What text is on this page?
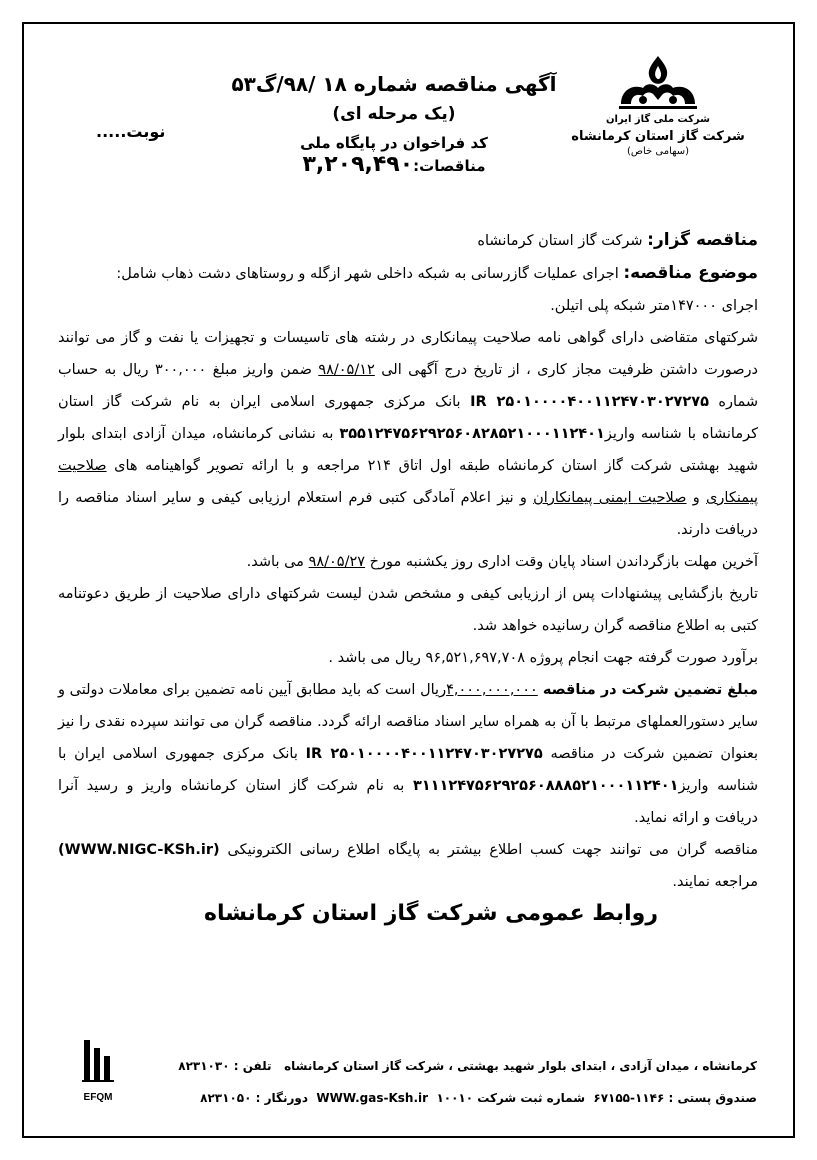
شرکت ملی گاز ایران
شرکت گاز استان کرمانشاه
(سهامی خاص)
آگهی مناقصه شماره ۱۸ /۹۸/گ۵۳
(یک مرحله ای)
کد فراخوان در پایگاه ملی مناقصات:۳,۲۰۹,۴۹۰
نوبت.....

مناقصه گزار: شرکت گاز استان کرمانشاه

موضوع مناقصه: اجرای عملیات گازرسانی به شبکه داخلی شهر ازگله و روستاهای دشت ذهاب شامل:

اجرای ۱۴۷۰۰۰متر شبکه پلی اتیلن.

شرکتهای متقاضی دارای گواهی نامه صلاحیت پیمانکاری در رشته های تاسیسات و تجهیزات یا نفت و گاز می توانند درصورت داشتن ظرفیت مجاز کاری ، از تاریخ درج آگهی الی ۹۸/۰۵/۱۲ ضمن واریز مبلغ ۳۰۰,۰۰۰ ریال به حساب شماره IR ۲۵۰۱۰۰۰۰۴۰۰۱۱۲۴۷۰۳۰۲۷۲۷۵ بانک مرکزی جمهوری اسلامی ایران به نام شرکت گاز استان کرمانشاه با شناسه واریز۳۵۵۱۲۴۷۵۶۲۹۲۵۶۰۸۲۸۵۲۱۰۰۰۱۱۲۴۰۱ به نشانی کرمانشاه، میدان آزادی ابتدای بلوار شهید بهشتی شرکت گاز استان کرمانشاه طبقه اول اتاق ۲۱۴ مراجعه و با ارائه تصویر گواهینامه های صلاحیت پیمنکاری و صلاحیت ایمنی پیمانکاران و نیز اعلام آمادگی کتبی فرم استعلام ارزیابی کیفی و سایر اسناد مناقصه را دریافت دارند.

آخرین مهلت بازگرداندن اسناد پایان وقت اداری روز یکشنبه مورخ ۹۸/۰۵/۲۷ می باشد.

تاریخ بازگشایی پیشنهادات پس از ارزیابی کیفی و مشخص شدن لیست شرکتهای دارای صلاحیت از طریق دعوتنامه کتبی به اطلاع مناقصه گران رسانیده خواهد شد.

برآورد صورت گرفته جهت انجام پروژه ۹۶,۵۲۱,۶۹۷,۷۰۸ ریال می باشد .

مبلغ تضمین شرکت در مناقصه ۴,۰۰۰,۰۰۰,۰۰۰ریال است که باید مطابق آیین نامه تضمین برای معاملات دولتی و سایر دستورالعملهای مرتبط با آن به همراه سایر اسناد مناقصه ارائه گردد. مناقصه گران می توانند سپرده نقدی را نیز بعنوان تضمین شرکت در مناقصه IR ۲۵۰۱۰۰۰۰۴۰۰۱۱۲۴۷۰۳۰۲۷۲۷۵ بانک مرکزی جمهوری اسلامی ایران با شناسه واریز۳۱۱۱۲۴۷۵۶۲۹۲۵۶۰۸۸۸۵۲۱۰۰۰۱۱۲۴۰۱ به نام شرکت گاز استان کرمانشاه واریز و رسید آنرا دریافت و ارائه نماید.

مناقصه گران می توانند جهت کسب اطلاع بیشتر به پایگاه اطلاع رسانی الکترونیکی (WWW.NIGC-KSh.ir) مراجعه نمایند.

روابط عمومی شرکت گاز استان کرمانشاه

EFQM
کرمانشاه ، میدان آزادی ، ابتدای بلوار شهید بهشتی ، شرکت گاز استان کرمانشاه   تلفن : ۸۲۳۱۰۳۰
صندوق پستی : ۱۱۴۶-۶۷۱۵۵  شماره ثبت شرکت ۱۰۰۱۰  WWW.gas-Ksh.ir  دورنگار : ۸۲۳۱۰۵۰
